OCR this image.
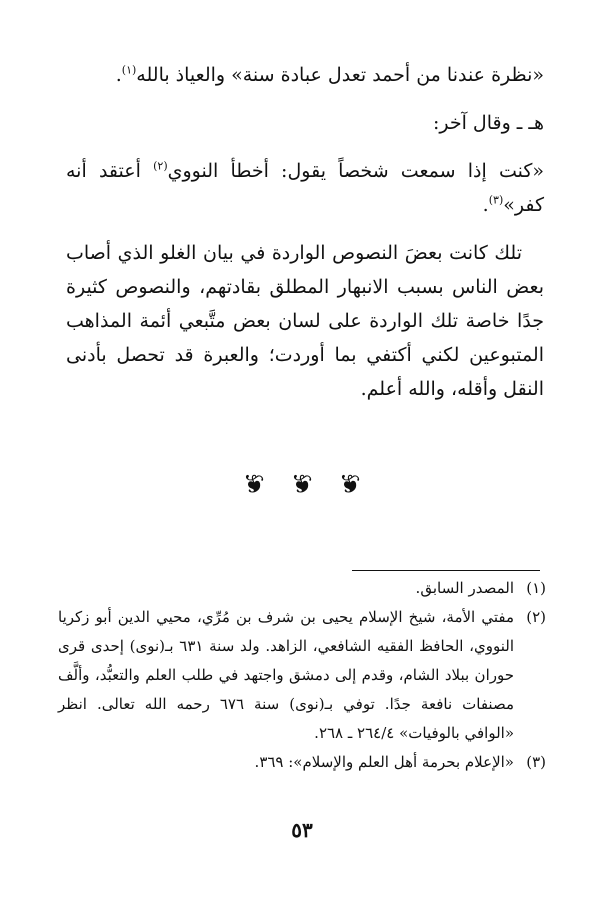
«نظرة عندنا من أحمد تعدل عبادة سنة» والعياذ بالله$^{(١)}$.

هـ ـ وقال آخر:

«كنت إذا سمعت شخصاً يقول: أخطأ النووي$^{(٢)}$ أعتقد أنه كفر»$^{(٣)}$.

تلك كانت بعضَ النصوص الواردة في بيان الغلو الذي أصاب بعض الناس بسبب الانبهار المطلق بقادتهم، والنصوص كثيرة جدًا خاصة تلك الواردة على لسان بعض متَّبعي أئمة المذاهب المتبوعين لكني أكتفي بما أوردت؛ والعبرة قد تحصل بأدنى النقل وأقله، والله أعلم.

❦ ❦ ❦
(١)
المصدر السابق.
(٢)
مفتي الأمة، شيخ الإسلام يحيى بن شرف بن مُرِّي، محيي الدين أبو زكريا النووي، الحافظ الفقيه الشافعي، الزاهد. ولد سنة ٦٣١ بـ(نوى) إحدى قرى حوران ببلاد الشام، وقدم إلى دمشق واجتهد في طلب العلم والتعبُّد، وألَّف مصنفات نافعة جدًا. توفي بـ(نوى) سنة ٦٧٦ رحمه الله تعالى. انظر «الوافي بالوفيات» ٢٦٤/٤ ـ ٢٦٨.
(٣)
«الإعلام بحرمة أهل العلم والإسلام»: ٣٦٩.
٥٣
